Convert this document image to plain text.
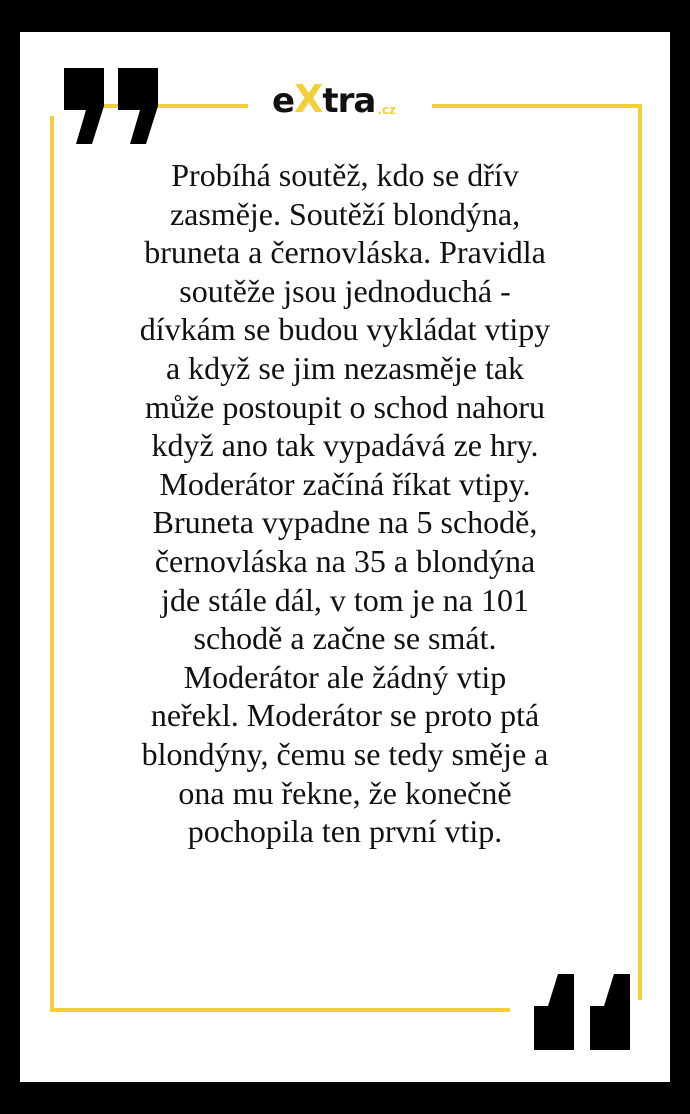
e X tra .cz
Probíhá soutěž, kdo se dřív
zasměje. Soutěží blondýna,
bruneta a černovláska. Pravidla
soutěže jsou jednoduchá -
dívkám se budou vykládat vtipy
a když se jim nezasměje tak
může postoupit o schod nahoru
když ano tak vypadává ze hry.
Moderátor začíná říkat vtipy.
Bruneta vypadne na 5 schodě,
černovláska na 35 a blondýna
jde stále dál, v tom je na 101
schodě a začne se smát.
Moderátor ale žádný vtip
neřekl. Moderátor se proto ptá
blondýny, čemu se tedy směje a
ona mu řekne, že konečně
pochopila ten první vtip.
